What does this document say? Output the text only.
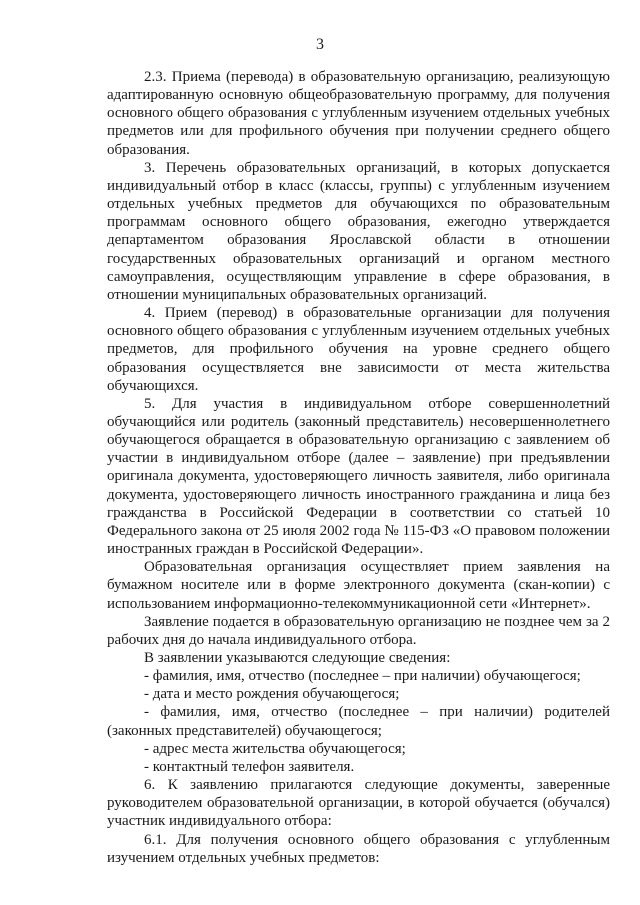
3

2.3. Приема (перевода) в образовательную организацию, реализующую адаптированную основную общеобразовательную программу, для получения основного общего образования с углубленным изучением отдельных учебных предметов или для профильного обучения при получении среднего общего образования.

3. Перечень образовательных организаций, в которых допускается индивидуальный отбор в класс (классы, группы) с углубленным изучением отдельных учебных предметов для обучающихся по образовательным программам основного общего образования, ежегодно утверждается департаментом образования Ярославской области в отношении государственных образовательных организаций и органом местного самоуправления, осуществляющим управление в сфере образования, в отношении муниципальных образовательных организаций.

4. Прием (перевод) в образовательные организации для получения основного общего образования с углубленным изучением отдельных учебных предметов, для профильного обучения на уровне среднего общего образования осуществляется вне зависимости от места жительства обучающихся.

5. Для участия в индивидуальном отборе совершеннолетний обучающийся или родитель (законный представитель) несовершеннолетнего обучающегося обращается в образовательную организацию с заявлением об участии в индивидуальном отборе (далее – заявление) при предъявлении оригинала документа, удостоверяющего личность заявителя, либо оригинала документа, удостоверяющего личность иностранного гражданина и лица без гражданства в Российской Федерации в соответствии со статьей 10 Федерального закона от 25 июля 2002 года № 115-ФЗ «О правовом положении иностранных граждан в Российской Федерации».

Образовательная организация осуществляет прием заявления на бумажном носителе или в форме электронного документа (скан-копии) с использованием информационно-телекоммуникационной сети «Интернет».

Заявление подается в образовательную организацию не позднее чем за 2 рабочих дня до начала индивидуального отбора.

В заявлении указываются следующие сведения:

- фамилия, имя, отчество (последнее – при наличии) обучающегося;

- дата и место рождения обучающегося;

- фамилия, имя, отчество (последнее – при наличии) родителей (законных представителей) обучающегося;

- адрес места жительства обучающегося;

- контактный телефон заявителя.

6. К заявлению прилагаются следующие документы, заверенные руководителем образовательной организации, в которой обучается (обучался) участник индивидуального отбора:

6.1. Для получения основного общего образования с углубленным изучением отдельных учебных предметов:
